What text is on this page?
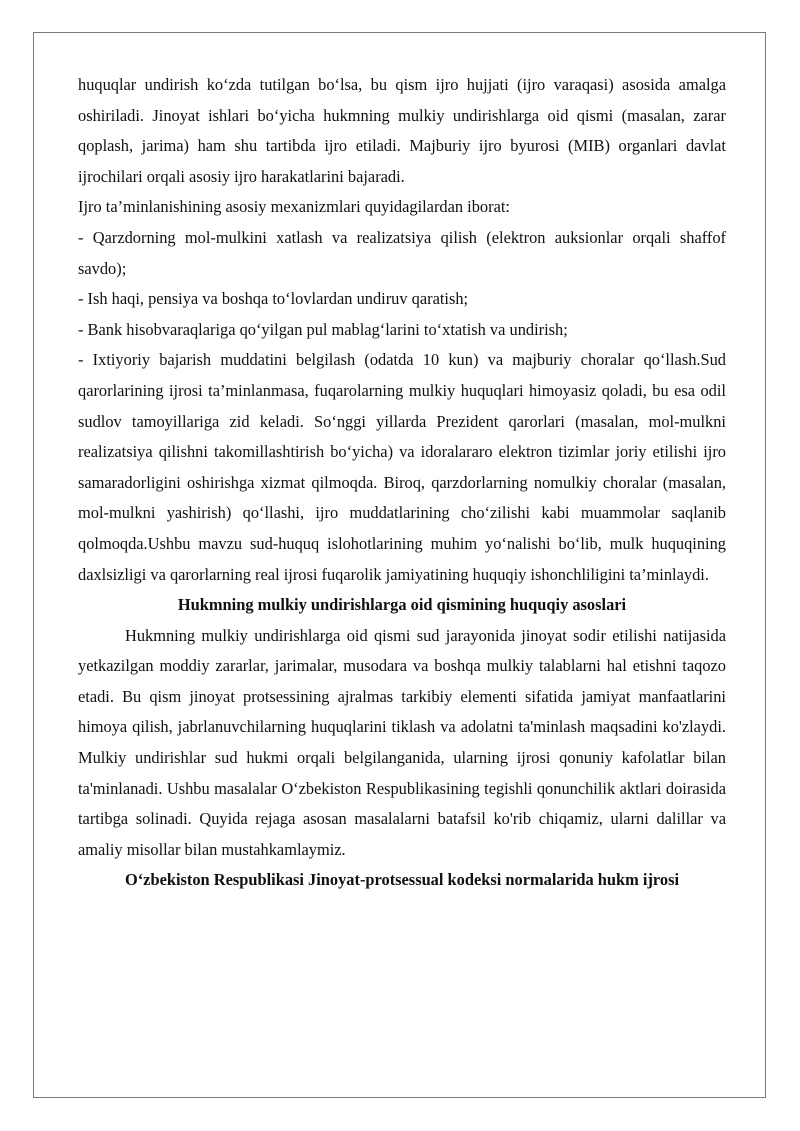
huquqlar undirish ko‘zda tutilgan bo‘lsa, bu qism ijro hujjati (ijro varaqasi) asosida amalga oshiriladi. Jinoyat ishlari bo‘yicha hukmning mulkiy undirishlarga oid qismi (masalan, zarar qoplash, jarima) ham shu tartibda ijro etiladi. Majburiy ijro byurosi (MIB) organlari davlat ijrochilari orqali asosiy ijro harakatlarini bajaradi.

Ijro ta’minlanishining asosiy mexanizmlari quyidagilardan iborat:

- Qarzdorning mol-mulkini xatlash va realizatsiya qilish (elektron auksionlar orqali shaffof savdo);

- Ish haqi, pensiya va boshqa to‘lovlardan undiruv qaratish;

- Bank hisobvaraqlariga qo‘yilgan pul mablag‘larini to‘xtatish va undirish;

- Ixtiyoriy bajarish muddatini belgilash (odatda 10 kun) va majburiy choralar qo‘llash.Sud qarorlarining ijrosi ta’minlanmasa, fuqarolarning mulkiy huquqlari himoyasiz qoladi, bu esa odil sudlov tamoyillariga zid keladi. So‘nggi yillarda Prezident qarorlari (masalan, mol-mulkni realizatsiya qilishni takomillashtirish bo‘yicha) va idoralararo elektron tizimlar joriy etilishi ijro samaradorligini oshirishga xizmat qilmoqda. Biroq, qarzdorlarning nomulkiy choralar (masalan, mol-mulkni yashirish) qo‘llashi, ijro muddatlarining cho‘zilishi kabi muammolar saqlanib qolmoqda.Ushbu mavzu sud-huquq islohotlarining muhim yo‘nalishi bo‘lib, mulk huquqining daxlsizligi va qarorlarning real ijrosi fuqarolik jamiyatining huquqiy ishonchliligini ta’minlaydi.

Hukmning mulkiy undirishlarga oid qismining huquqiy asoslari

Hukmning mulkiy undirishlarga oid qismi sud jarayonida jinoyat sodir etilishi natijasida yetkazilgan moddiy zararlar, jarimalar, musodara va boshqa mulkiy talablarni hal etishni taqozo etadi. Bu qism jinoyat protsessining ajralmas tarkibiy elementi sifatida jamiyat manfaatlarini himoya qilish, jabrlanuvchilarning huquqlarini tiklash va adolatni ta'minlash maqsadini ko'zlaydi. Mulkiy undirishlar sud hukmi orqali belgilanganida, ularning ijrosi qonuniy kafolatlar bilan ta'minlanadi. Ushbu masalalar O‘zbekiston Respublikasining tegishli qonunchilik aktlari doirasida tartibga solinadi. Quyida rejaga asosan masalalarni batafsil ko'rib chiqamiz, ularni dalillar va amaliy misollar bilan mustahkamlaymiz.

O‘zbekiston Respublikasi Jinoyat-protsessual kodeksi normalarida hukm ijrosi
